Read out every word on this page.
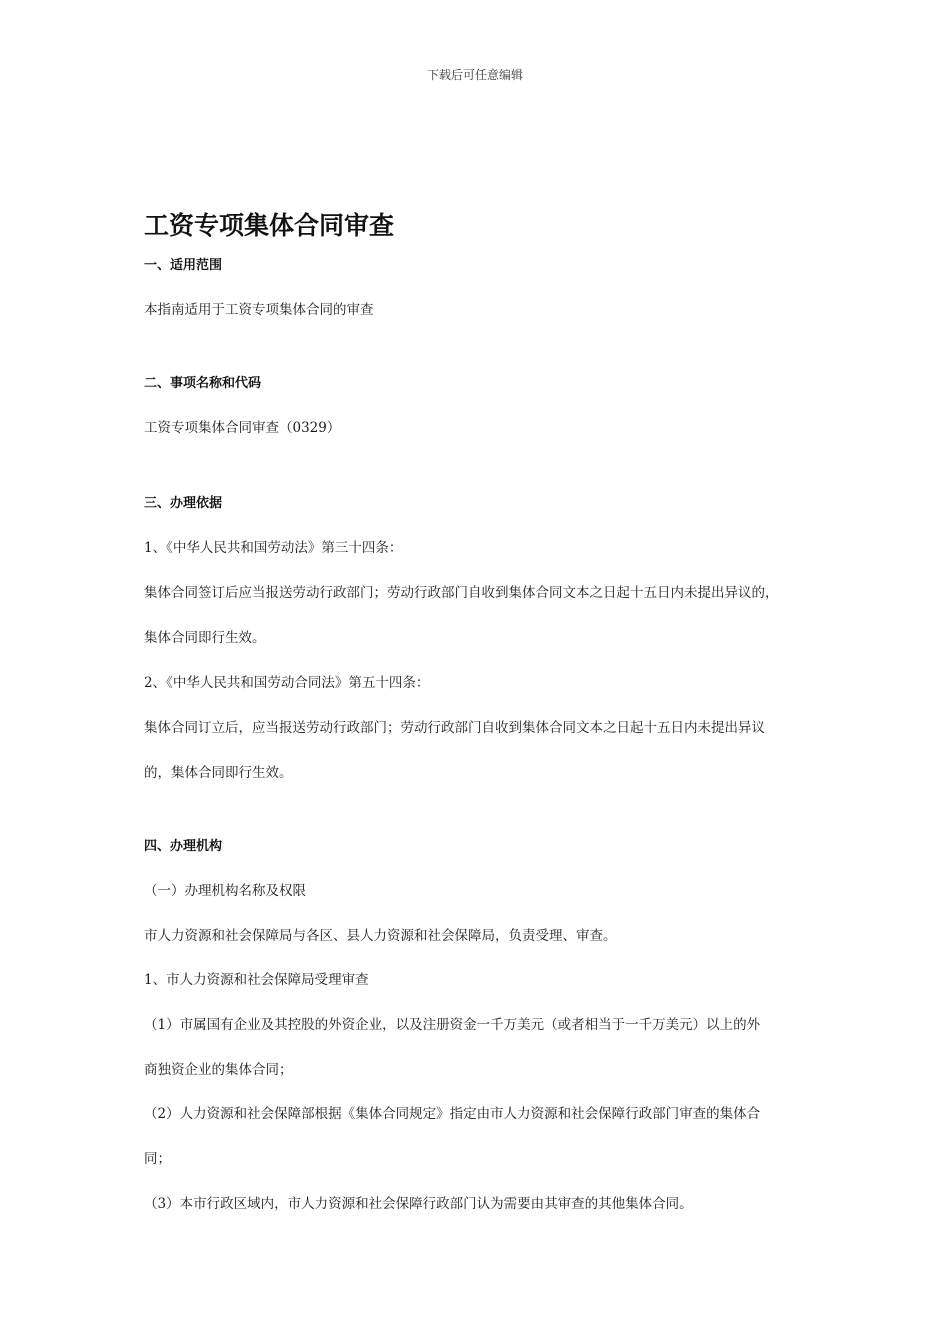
下载后可任意编辑
工资专项集体合同审查
一、适用范围
本指南适用于工资专项集体合同的审查
二、事项名称和代码
工资专项集体合同审查（0329）
三、办理依据
1、《中华人民共和国劳动法》第三十四条：
集体合同签订后应当报送劳动行政部门；劳动行政部门自收到集体合同文本之日起十五日内未提出异议的，
集体合同即行生效。
2、《中华人民共和国劳动合同法》第五十四条：
集体合同订立后，应当报送劳动行政部门；劳动行政部门自收到集体合同文本之日起十五日内未提出异议
的，集体合同即行生效。
四、办理机构
（一）办理机构名称及权限
市人力资源和社会保障局与各区、县人力资源和社会保障局，负责受理、审查。
1、市人力资源和社会保障局受理审查
（1）市属国有企业及其控股的外资企业，以及注册资金一千万美元（或者相当于一千万美元）以上的外
商独资企业的集体合同；
（2）人力资源和社会保障部根据《集体合同规定》指定由市人力资源和社会保障行政部门审查的集体合
同；
（3）本市行政区域内，市人力资源和社会保障行政部门认为需要由其审查的其他集体合同。
